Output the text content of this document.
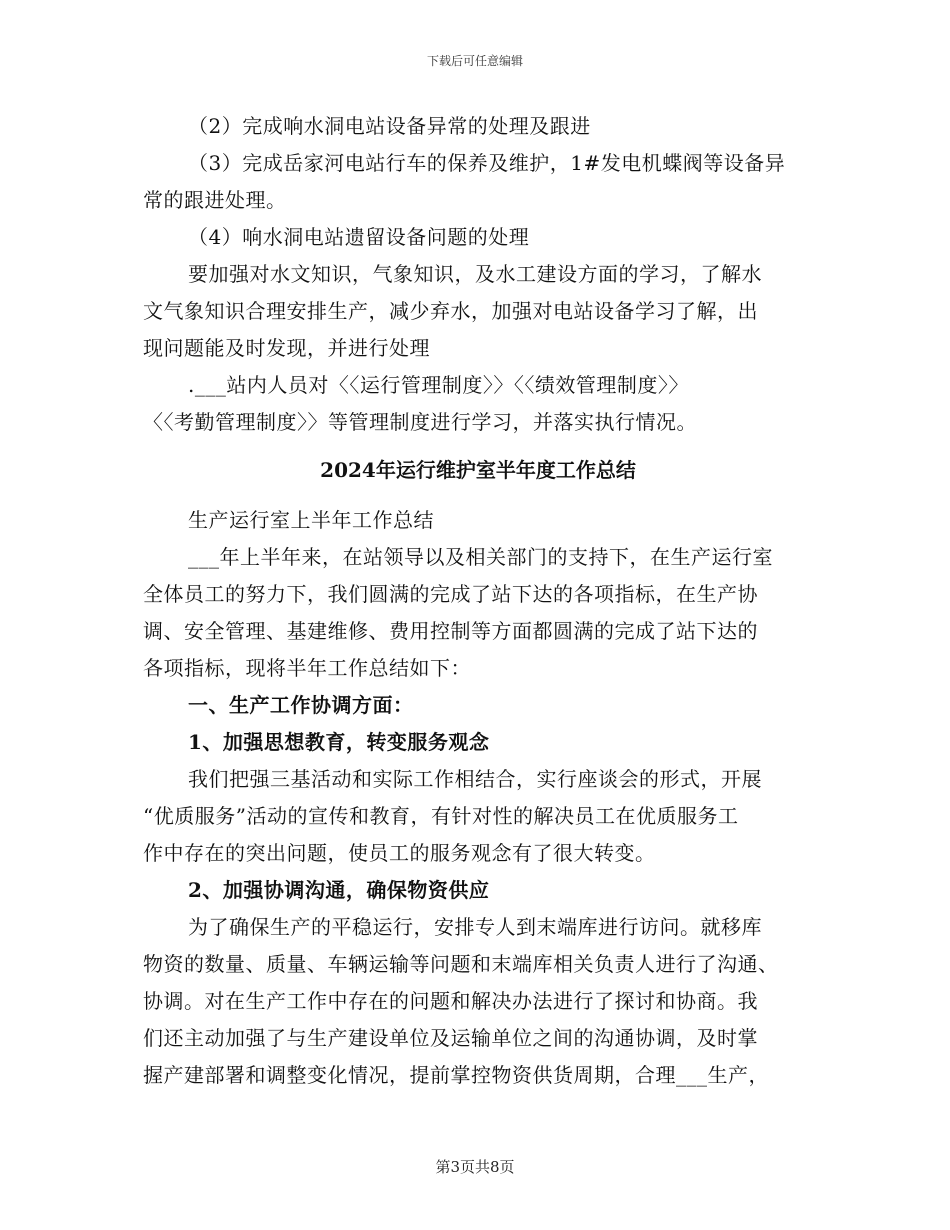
下载后可任意编辑
（2）完成响水洞电站设备异常的处理及跟进
（3）完成岳家河电站行车的保养及维护，1#发电机蝶阀等设备异
常的跟进处理。
（4）响水洞电站遗留设备问题的处理
要加强对水文知识，气象知识，及水工建设方面的学习，了解水
文气象知识合理安排生产，减少弃水，加强对电站设备学习了解，出
现问题能及时发现，并进行处理
.___站内人员对〈〈运行管理制度〉〉〈〈绩效管理制度〉〉
〈〈考勤管理制度〉〉等管理制度进行学习，并落实执行情况。
2024年运行维护室半年度工作总结
生产运行室上半年工作总结
___年上半年来，在站领导以及相关部门的支持下，在生产运行室
全体员工的努力下，我们圆满的完成了站下达的各项指标，在生产协
调、安全管理、基建维修、费用控制等方面都圆满的完成了站下达的
各项指标，现将半年工作总结如下：
一、生产工作协调方面：
1、加强思想教育，转变服务观念
我们把强三基活动和实际工作相结合，实行座谈会的形式，开展
“优质服务”活动的宣传和教育，有针对性的解决员工在优质服务工
作中存在的突出问题，使员工的服务观念有了很大转变。
2、加强协调沟通，确保物资供应
为了确保生产的平稳运行，安排专人到末端库进行访问。就移库
物资的数量、质量、车辆运输等问题和末端库相关负责人进行了沟通、
协调。对在生产工作中存在的问题和解决办法进行了探讨和协商。我
们还主动加强了与生产建设单位及运输单位之间的沟通协调，及时掌
握产建部署和调整变化情况，提前掌控物资供货周期，合理___生产，
第3页共8页
